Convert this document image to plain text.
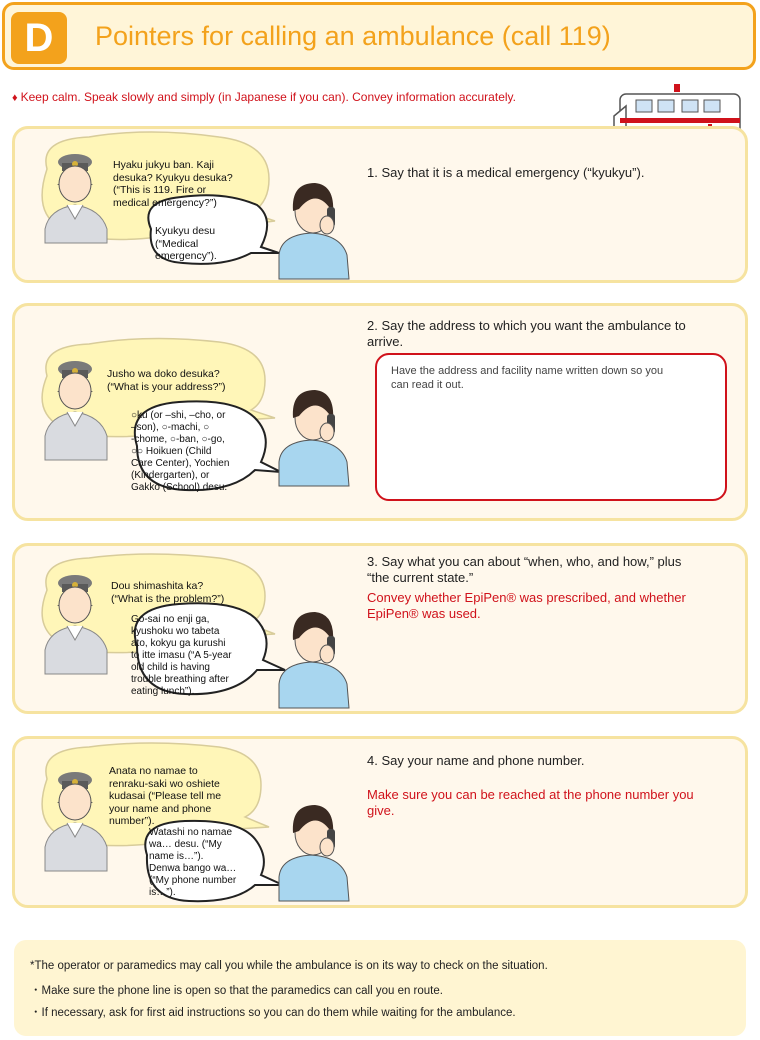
D	Pointers for calling an ambulance (call 119)
♦ Keep calm. Speak slowly and simply (in Japanese if you can). Convey information accurately.
Hyaku jukyu ban. Kaji
desuka? Kyukyu desuka?
(“This is 119. Fire or
medical emergency?”)
Kyukyu desu
(“Medical
emergency”).
1. Say that it is a medical emergency (“kyukyu”).
Jusho wa doko desuka?
(“What is your address?”)
○ku (or –shi, –cho, or
–son), ○-machi, ○
-chome, ○-ban, ○-go,
○○ Hoikuen (Child
Care Center), Yochien
(Kindergarten), or
Gakko (School) desu.
2. Say the address to which you want the ambulance to
arrive.
Have the address and facility name written down so you
can read it out.
Dou shimashita ka?
(“What is the problem?”)
Go-sai no enji ga,
kyushoku wo tabeta
ato, kokyu ga kurushi
to itte imasu (“A 5-year
old child is having
trouble breathing after
eating lunch”).
3. Say what you can about “when, who, and how,” plus
“the current state.”
Convey whether EpiPen® was prescribed, and whether
EpiPen® was used.
Anata no namae to
renraku-saki wo oshiete
kudasai (“Please tell me
your name and phone
number”).
Watashi no namae
wa… desu. (“My
name is…”).
Denwa bango wa…
(“My phone number
is…”).
4. Say your name and phone number.
Make sure you can be reached at the phone number you
give.

*The operator or paramedics may call you while the ambulance is on its way to check on the situation.

・Make sure the phone line is open so that the paramedics can call you en route.

・If necessary, ask for first aid instructions so you can do them while waiting for the ambulance.
